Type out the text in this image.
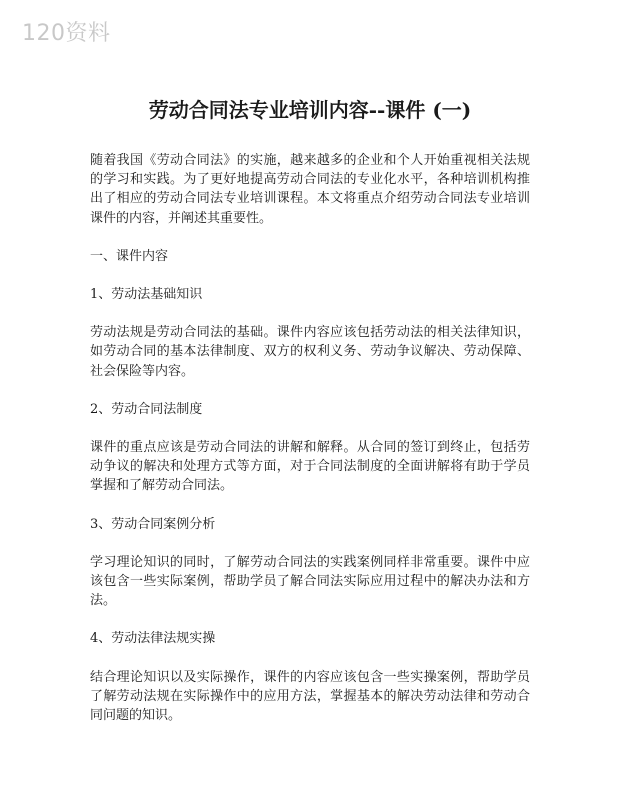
120资料
劳动合同法专业培训内容--课件 (一)

随着我国《劳动合同法》的实施，越来越多的企业和个人开始重视相关法规的学习和实践。为了更好地提高劳动合同法的专业化水平，各种培训机构推出了相应的劳动合同法专业培训课程。本文将重点介绍劳动合同法专业培训课件的内容，并阐述其重要性。

一、课件内容

1、劳动法基础知识

劳动法规是劳动合同法的基础。课件内容应该包括劳动法的相关法律知识，如劳动合同的基本法律制度、双方的权利义务、劳动争议解决、劳动保障、社会保险等内容。

2、劳动合同法制度

课件的重点应该是劳动合同法的讲解和解释。从合同的签订到终止，包括劳动争议的解决和处理方式等方面，对于合同法制度的全面讲解将有助于学员掌握和了解劳动合同法。

3、劳动合同案例分析

学习理论知识的同时，了解劳动合同法的实践案例同样非常重要。课件中应该包含一些实际案例，帮助学员了解合同法实际应用过程中的解决办法和方法。

4、劳动法律法规实操

结合理论知识以及实际操作，课件的内容应该包含一些实操案例，帮助学员了解劳动法规在实际操作中的应用方法，掌握基本的解决劳动法律和劳动合同问题的知识。
